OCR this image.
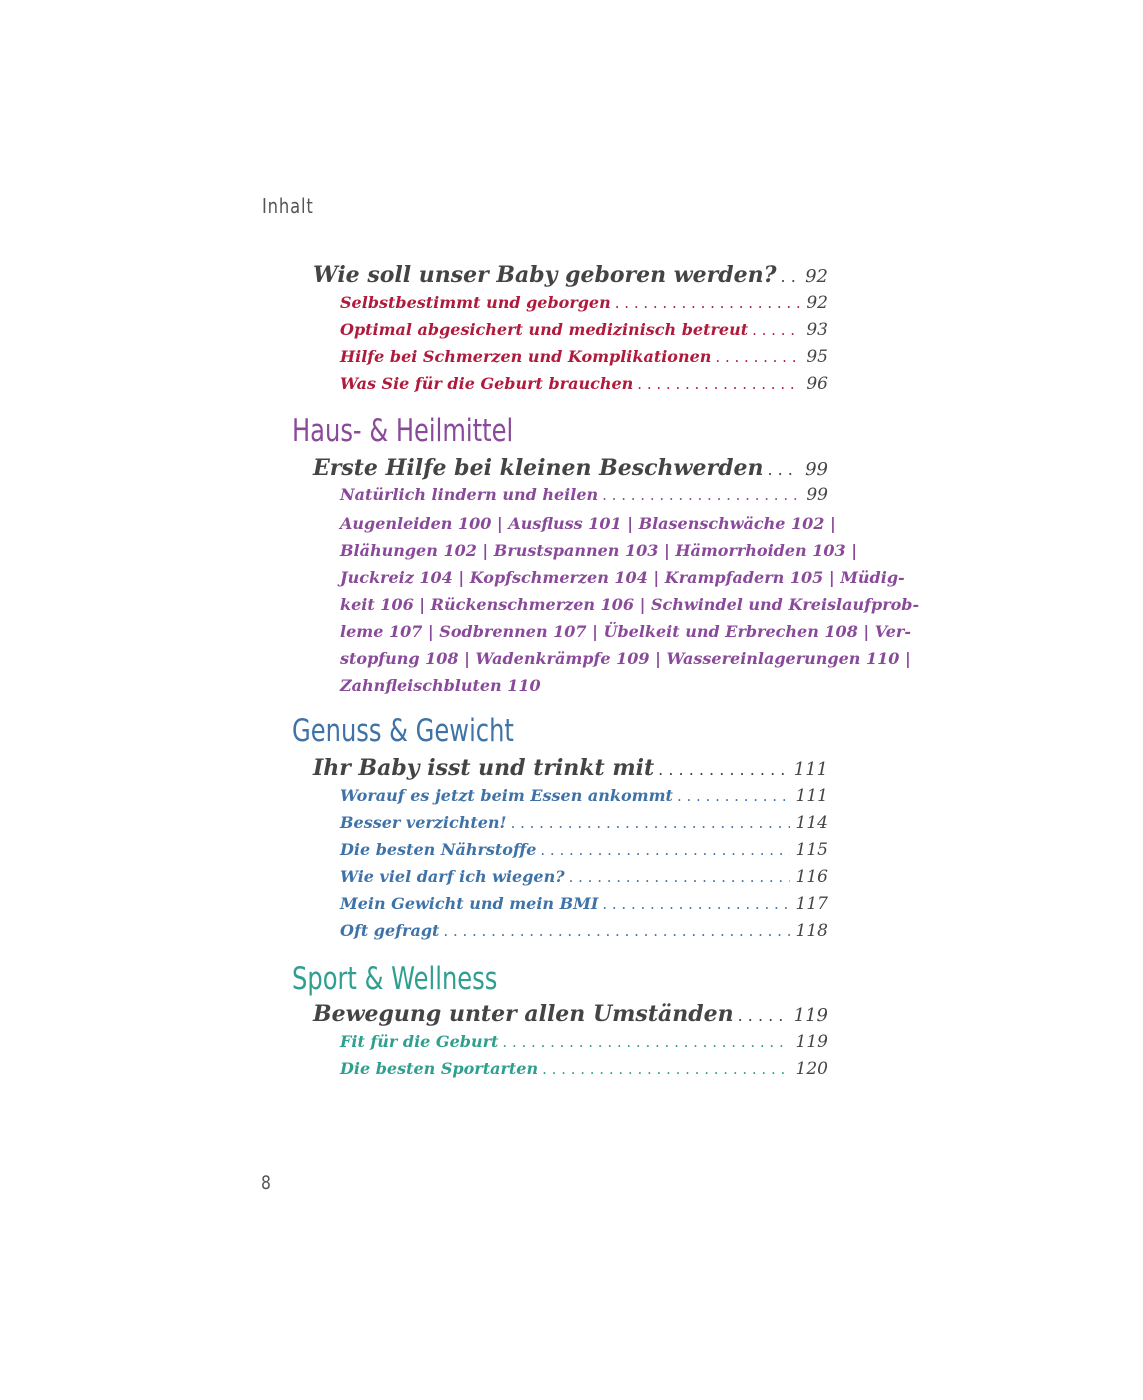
Inhalt
Wie soll unser Baby geboren werden? . . . 92
Selbstbestimmt und geborgen . . .	92
Optimal abgesichert und medizinisch betreut . . .	93
Hilfe bei Schmerzen und Komplikationen . . .	95
Was Sie für die Geburt brauchen . . .	96
Haus- & Heilmittel
Erste Hilfe bei kleinen Beschwerden . . . 99
Natürlich lindern und heilen . . .	99

Augenleiden 100 | Ausfluss 101 | Blasenschwäche 102 |
Blähungen 102 | Brustspannen 103 | Hämorrhoiden 103 |
Juckreiz 104 | Kopfschmerzen 104 | Krampfadern 105 | Müdig-
keit 106 | Rückenschmerzen 106 | Schwindel und Kreislaufprob-
leme 107 | Sodbrennen 107 | Übelkeit und Erbrechen 108 | Ver-
stopfung 108 | Wadenkrämpfe 109 | Wassereinlagerungen 110 |
Zahnfleischbluten 110

Genuss & Gewicht
Ihr Baby isst und trinkt mit . . .	111
Worauf es jetzt beim Essen ankommt . . .	111
Besser verzichten! . . .	114
Die besten Nährstoffe . . .	115
Wie viel darf ich wiegen? . . .	116
Mein Gewicht und mein BMI . . .	117
Oft gefragt . . .	118
Sport & Wellness
Bewegung unter allen Umständen . . .	119
Fit für die Geburt . . .	119
Die besten Sportarten . . .	120
8
